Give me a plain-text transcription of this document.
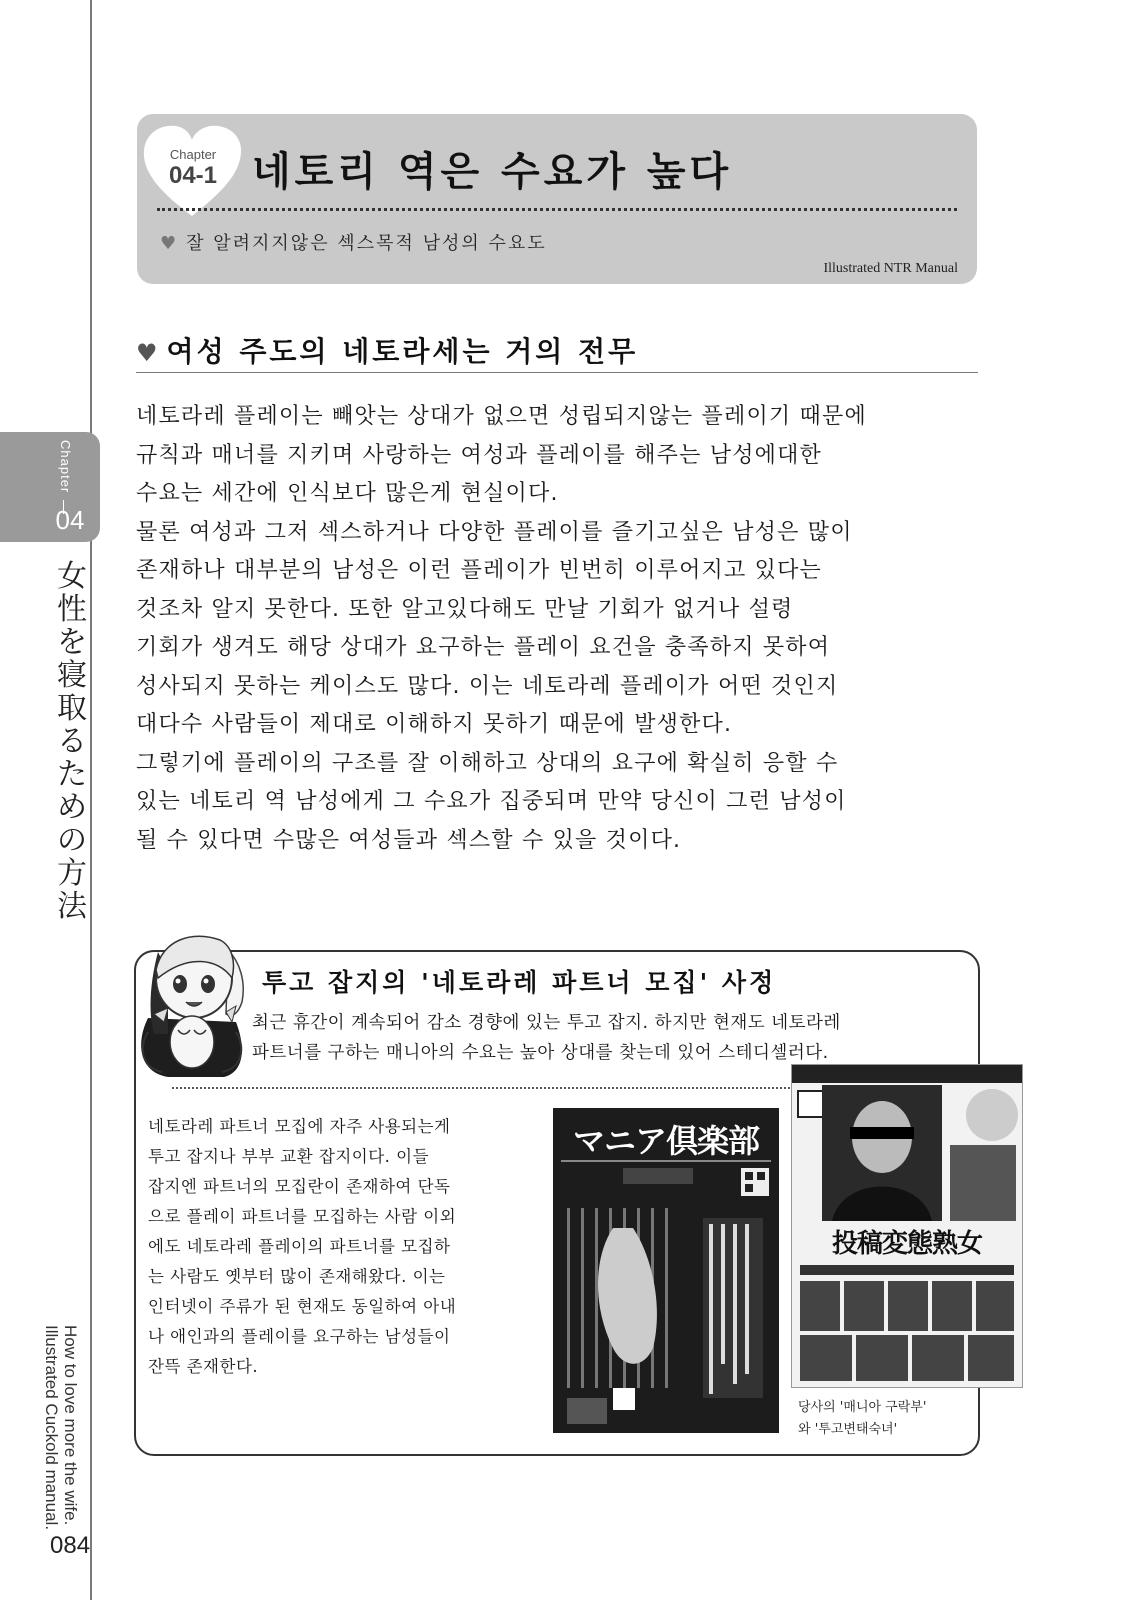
Chapter
04
女性を寝取るための方法
How to love more the wife.
Illustrated Cuckold manual.
084
Chapter
04-1 네토리 역은 수요가 높다
♥ 잘 알려지지않은 섹스목적 남성의 수요도
Illustrated NTR Manual
♥ 여성 주도의 네토라세는 거의 전무

네토라레 플레이는 빼앗는 상대가 없으면 성립되지않는 플레이기 때문에

규칙과 매너를 지키며 사랑하는 여성과 플레이를 해주는 남성에대한

수요는 세간에 인식보다 많은게 현실이다.

물론 여성과 그저 섹스하거나 다양한 플레이를 즐기고싶은 남성은 많이

존재하나 대부분의 남성은 이런 플레이가 빈번히 이루어지고 있다는

것조차 알지 못한다. 또한 알고있다해도 만날 기회가 없거나 설령

기회가 생겨도 해당 상대가 요구하는 플레이 요건을 충족하지 못하여

성사되지 못하는 케이스도 많다. 이는 네토라레 플레이가 어떤 것인지

대다수 사람들이 제대로 이해하지 못하기 때문에 발생한다.

그렇기에 플레이의 구조를 잘 이해하고 상대의 요구에 확실히 응할 수

있는 네토리 역 남성에게 그 수요가 집중되며 만약 당신이 그런 남성이

될 수 있다면 수많은 여성들과 섹스할 수 있을 것이다.

투고 잡지의 '네토라레 파트너 모집' 사정

최근 휴간이 계속되어 감소 경향에 있는 투고 잡지. 하지만 현재도 네토라레

파트너를 구하는 매니아의 수요는 높아 상대를 찾는데 있어 스테디셀러다.

네토라레 파트너 모집에 자주 사용되는게

투고 잡지나 부부 교환 잡지이다. 이들

잡지엔 파트너의 모집란이 존재하여 단독

으로 플레이 파트너를 모집하는 사람 이외

에도 네토라레 플레이의 파트너를 모집하

는 사람도 옛부터 많이 존재해왔다. 이는

인터넷이 주류가 된 현재도 동일하여 아내

나 애인과의 플레이를 요구하는 남성들이

잔뜩 존재한다.

マニア倶楽部
投稿変態熟女

당사의 '매니아 구락부'

와 '투고변태숙녀'
